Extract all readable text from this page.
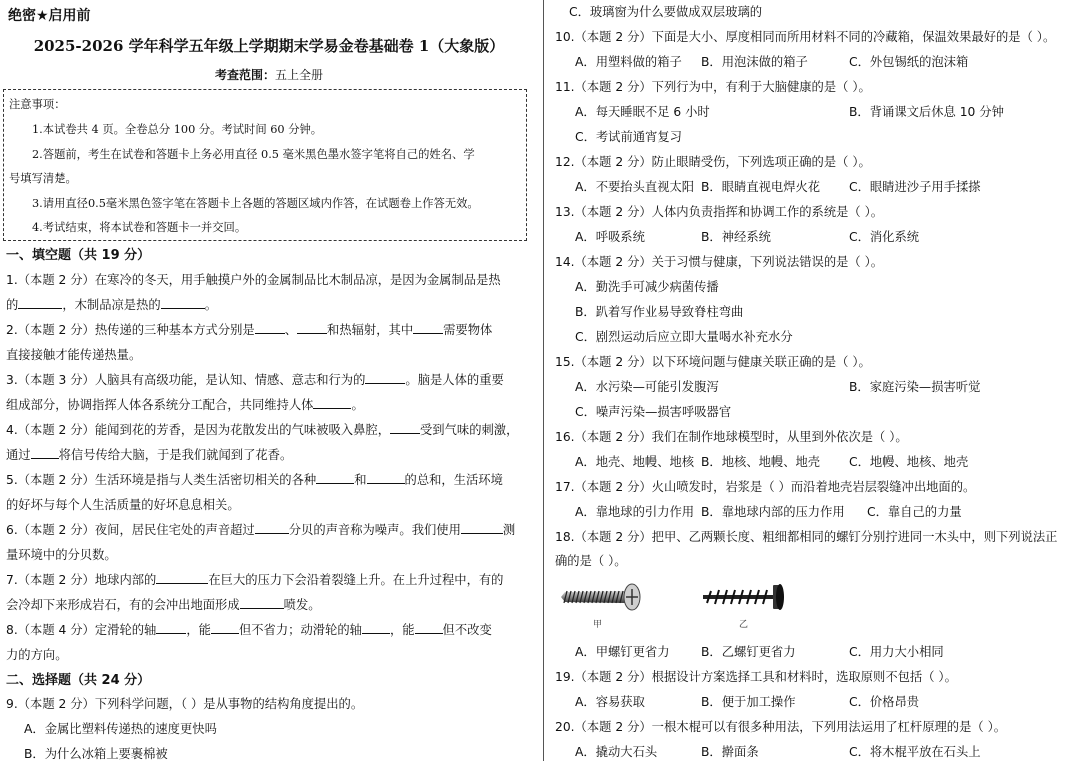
绝密★启用前
2025-2026 学年科学五年级上学期期末学易金卷基础卷 1（大象版）
考查范围：五上全册
注意事项：
1.本试卷共 4 页。全卷总分 100 分。考试时间 60 分钟。
2.答题前，考生在试卷和答题卡上务必用直径 0.5 毫米黑色墨水签字笔将自己的姓名、学
号填写清楚。
3.请用直径0.5毫米黑色签字笔在答题卡上各题的答题区域内作答，在试题卷上作答无效。
4.考试结束，将本试卷和答题卡一并交回。
一、填空题（共 19 分）
1.（本题 2 分）在寒冷的冬天，用手触摸户外的金属制品比木制品凉，是因为金属制品是热
的	，木制品凉是热的	。
2.（本题 2 分）热传递的三种基本方式分别是 、 和热辐射，其中 需要物体
直接接触才能传递热量。
3.（本题 3 分）人脑具有高级功能，是认知、情感、意志和行为的	。脑是人体的重要
组成部分，协调指挥人体各系统分工配合，共同维持人体	。
4.（本题 2 分）能闻到花的芳香，是因为花散发出的气味被吸入鼻腔， 受到气味的刺激，
通过 将信号传给大脑，于是我们就闻到了花香。
5.（本题 2 分）生活环境是指与人类生活密切相关的各种	和	的总和，生活环境
的好坏与每个人生活质量的好坏息息相关。
6.（本题 2 分）夜间，居民住宅处的声音超过	分贝的声音称为噪声。我们使用	测
量环境中的分贝数。
7.（本题 2 分）地球内部的	在巨大的压力下会沿着裂缝上升。在上升过程中，有的
会冷却下来形成岩石，有的会冲出地面形成	喷发。
8.（本题 4 分）定滑轮的轴 ，能 但不省力；动滑轮的轴 ，能 但不改变
力的方向。
二、选择题（共 24 分）
9.（本题 2 分）下列科学问题，（ ）是从事物的结构角度提出的。
A．金属比塑料传递热的速度更快吗
B．为什么冰箱上要裹棉被
C．玻璃窗为什么要做成双层玻璃的
10.（本题 2 分）下面是大小、厚度相同而所用材料不同的冷藏箱，保温效果最好的是（ ）。
A．用塑料做的箱子 B．用泡沫做的箱子	C．外包锡纸的泡沫箱
11.（本题 2 分）下列行为中，有利于大脑健康的是（ ）。
A．每天睡眠不足 6 小时	B．背诵课文后休息 10 分钟
C．考试前通宵复习
12.（本题 2 分）防止眼睛受伤，下列选项正确的是（ ）。
A．不要抬头直视太阳 B．眼睛直视电焊火花 C．眼睛进沙子用手揉搽
13.（本题 2 分）人体内负责指挥和协调工作的系统是（ ）。
A．呼吸系统	B．神经系统	C．消化系统
14.（本题 2 分）关于习惯与健康，下列说法错误的是（ ）。
A．勤洗手可减少病菌传播
B．趴着写作业易导致脊柱弯曲
C．剧烈运动后应立即大量喝水补充水分
15.（本题 2 分）以下环境问题与健康关联正确的是（ ）。
A．水污染—可能引发腹泻	B．家庭污染—损害听觉
C．噪声污染—损害呼吸器官
16.（本题 2 分）我们在制作地球模型时，从里到外依次是（ ）。
A．地壳、地幔、地核 B．地核、地幔、地壳 C．地幔、地核、地壳
17.（本题 2 分）火山喷发时，岩浆是（ ）而沿着地壳岩层裂缝冲出地面的。
A．靠地球的引力作用 B．靠地球内部的压力作用 C．靠自己的力量
18.（本题 2 分）把甲、乙两颗长度、粗细都相同的螺钉分别拧进同一木头中，则下列说法正
确的是（ ）。
甲	乙
A．甲螺钉更省力	B．乙螺钉更省力	C．用力大小相同
19.（本题 2 分）根据设计方案选择工具和材料时，选取原则不包括（ ）。
A．容易获取	B．便于加工操作	C．价格昂贵
20.（本题 2 分）一根木棍可以有很多种用法，下列用法运用了杠杆原理的是（ ）。
A．撬动大石头	B．擀面条	C．将木棍平放在石头上
